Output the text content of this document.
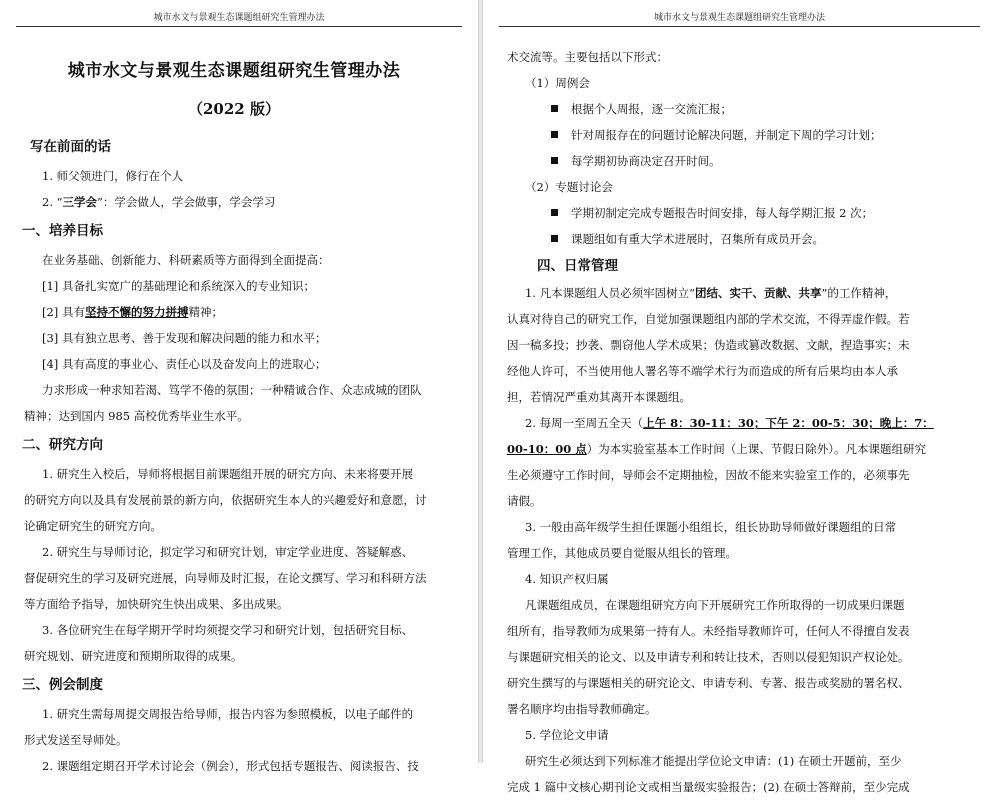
城市水文与景观生态课题组研究生管理办法
城市水文与景观生态课题组研究生管理办法
（2022 版）
写在前面的话

1. 师父领进门，修行在个人

2. “三学会”：学会做人，学会做事，学会学习

一、培养目标

在业务基础、创新能力、科研素质等方面得到全面提高：

[1] 具备扎实宽广的基础理论和系统深入的专业知识；

[2] 具有坚持不懈的努力拼搏精神；

[3] 具有独立思考、善于发现和解决问题的能力和水平；

[4] 具有高度的事业心、责任心以及奋发向上的进取心；

力求形成一种求知若渴、笃学不倦的氛围；一种精诚合作、众志成城的团队

精神；达到国内 985 高校优秀毕业生水平。

二、研究方向

1. 研究生入校后，导师将根据目前课题组开展的研究方向、未来将要开展

的研究方向以及具有发展前景的新方向，依据研究生本人的兴趣爱好和意愿，讨

论确定研究生的研究方向。

2. 研究生与导师讨论，拟定学习和研究计划，审定学业进度、答疑解惑、

督促研究生的学习及研究进展，向导师及时汇报，在论文撰写、学习和科研方法

等方面给予指导，加快研究生快出成果、多出成果。

3. 各位研究生在每学期开学时均须提交学习和研究计划，包括研究目标、

研究规划、研究进度和预期所取得的成果。

三、例会制度

1. 研究生需每周提交周报告给导师，报告内容为参照模板，以电子邮件的

形式发送至导师处。

2. 课题组定期召开学术讨论会（例会），形式包括专题报告、阅读报告、技

城市水文与景观生态课题组研究生管理办法

术交流等。主要包括以下形式：

（1）周例会

根据个人周报，逐一交流汇报；

针对周报存在的问题讨论解决问题，并制定下周的学习计划；

每学期初协商决定召开时间。

（2）专题讨论会

学期初制定完成专题报告时间安排，每人每学期汇报 2 次；

课题组如有重大学术进展时，召集所有成员开会。

四、日常管理

1. 凡本课题组人员必须牢固树立“团结、实干、贡献、共享”的工作精神，

认真对待自己的研究工作，自觉加强课题组内部的学术交流，不得弄虚作假。若

因一稿多投；抄袭、剽窃他人学术成果；伪造或篡改数据、文献，捏造事实；未

经他人许可，不当使用他人署名等不端学术行为而造成的所有后果均由本人承

担，若情况严重劝其离开本课题组。

2. 每周一至周五全天（上午 8：30-11：30；下午 2：00-5：30；晚上：7：

00-10：00 点）为本实验室基本工作时间（上课、节假日除外）。凡本课题组研究

生必须遵守工作时间，导师会不定期抽检，因故不能来实验室工作的，必须事先

请假。

3. 一般由高年级学生担任课题小组组长，组长协助导师做好课题组的日常

管理工作，其他成员要自觉服从组长的管理。

4. 知识产权归属

凡课题组成员，在课题组研究方向下开展研究工作所取得的一切成果归课题

组所有，指导教师为成果第一持有人。未经指导教师许可，任何人不得擅自发表

与课题研究相关的论文、以及申请专利和转让技术，否则以侵犯知识产权论处。

研究生撰写的与课题相关的研究论文、申请专利、专著、报告或奖励的署名权、

署名顺序均由指导教师确定。

5. 学位论文申请

研究生必须达到下列标准才能提出学位论文申请：(1) 在硕士开题前，至少

完成 1 篇中文核心期刊论文或相当量级实验报告；(2) 在硕士答辩前，至少完成
